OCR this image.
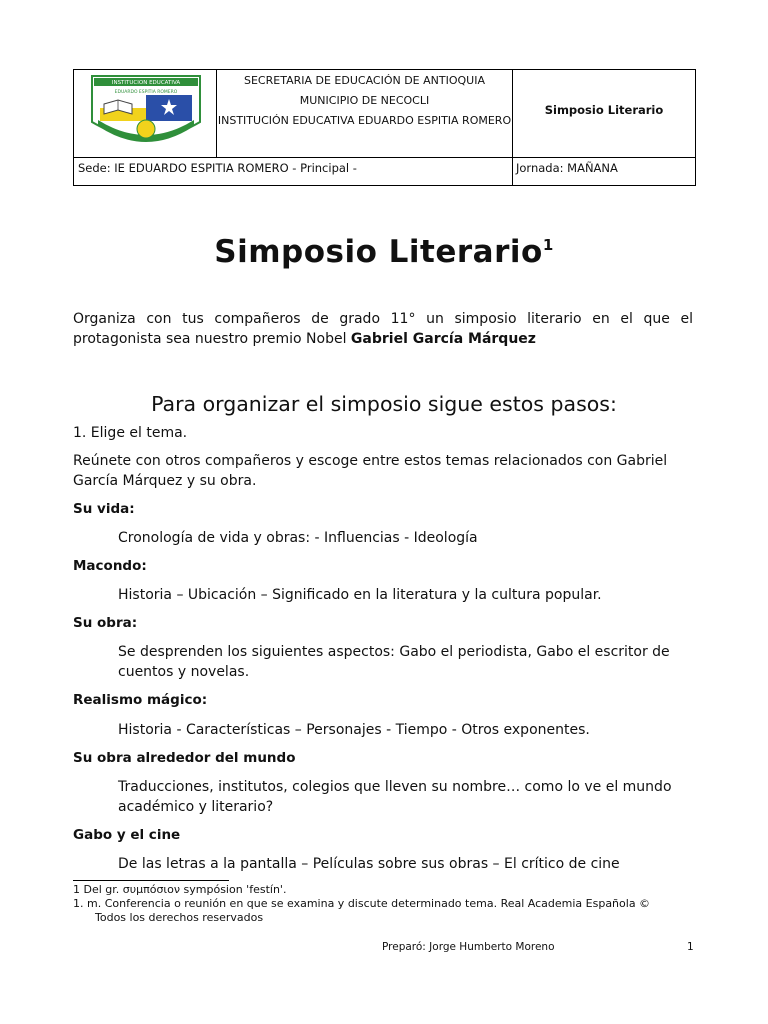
INSTITUCION EDUCATIVA
EDUARDO ESPITIA ROMERO
NECOCLI
SECRETARIA DE EDUCACIÓN DE ANTIOQUIA
MUNICIPIO DE NECOCLI
INSTITUCIÓN EDUCATIVA EDUARDO ESPITIA ROMERO
Simposio Literario
Sede: IE EDUARDO ESPITIA ROMERO - Principal -	Jornada: MAÑANA
Simposio Literario$^1$
Organiza con tus compañeros de grado 11° un simposio literario en el que el protagonista sea nuestro premio Nobel Gabriel García Márquez
Para organizar el simposio sigue estos pasos:
1. Elige el tema.
Reúnete con otros compañeros y escoge entre estos temas relacionados con Gabriel García Márquez y su obra.
Su vida:
Cronología de vida y obras: - Influencias - Ideología
Macondo:
Historia – Ubicación – Significado en la literatura y la cultura popular.
Su obra:
Se desprenden los siguientes aspectos: Gabo el periodista, Gabo el escritor de cuentos y novelas.
Realismo mágico:
Historia - Características – Personajes - Tiempo - Otros exponentes.
Su obra alrededor del mundo
Traducciones, institutos, colegios que lleven su nombre… como lo ve el mundo académico y literario?
Gabo y el cine
De las letras a la pantalla – Películas sobre sus obras – El crítico de cine
1 Del gr. συμπόσιον sympósion 'festín'.
1. m. Conferencia o reunión en que se examina y discute determinado tema. Real Academia Española ©
Todos los derechos reservados
Preparó: Jorge Humberto Moreno	1
